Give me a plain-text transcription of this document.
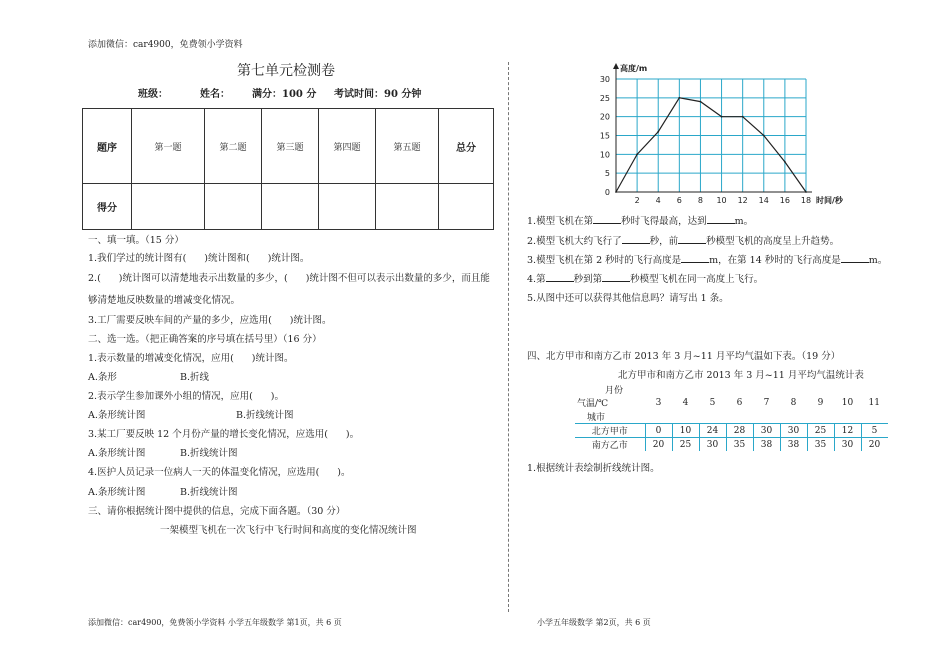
添加微信：car4900，免费领小学资料
第七单元检测卷
班级：	姓名： 满分：100 分 考试时间：90 分钟
题序	第一题	第二题	第三题	第四题	第五题	总分
得分						
一、填一填。（15 分）
1.我们学过的统计图有( )统计图和( )统计图。
2.( )统计图可以清楚地表示出数量的多少，( )统计图不但可以表示出数量的多少，而且能
够清楚地反映数量的增减变化情况。
3.工厂需要反映车间的产量的多少，应选用( )统计图。
二、选一选。（把正确答案的序号填在括号里）（16 分）
1.表示数量的增减变化情况，应用( )统计图。
A.条形	B.折线
2.表示学生参加课外小组的情况，应用( )。
A.条形统计图	B.折线统计图
3.某工厂要反映 12 个月份产量的增长变化情况，应选用( )。
A.条形统计图	B.折线统计图
4.医护人员记录一位病人一天的体温变化情况，应选用( )。
A.条形统计图	B.折线统计图
三、请你根据统计图中提供的信息，完成下面各题。（30 分）
一架模型飞机在一次飞行中飞行时间和高度的变化情况统计图
0
5
10
15
20
25
30
2 4 6 8 10 12 14 16 18
高度/m
时间/秒
1.模型飞机在第	秒时飞得最高，达到	m。
2.模型飞机大约飞行了	秒，前	秒模型飞机的高度呈上升趋势。
3.模型飞机在第 2 秒时的飞行高度是	m，在第 14 秒时的飞行高度是	m。
4.第	秒到第	秒模型飞机在同一高度上飞行。
5.从图中还可以获得其他信息吗？请写出 1 条。
四、北方甲市和南方乙市 2013 年 3 月~11 月平均气温如下表。（19 分）
北方甲市和南方乙市 2013 年 3 月~11 月平均气温统计表
月份
气温/℃
城市	3	4	5	6	7	8	9	10	11
北方甲市	0	10	24	28	30	30	25	12	5
南方乙市	20	25	30	35	38	38	35	30	20
1.根据统计表绘制折线统计图。
添加微信：car4900，免费领小学资料 小学五年级数学 第1页，共 6 页	小学五年级数学 第2页，共 6 页
